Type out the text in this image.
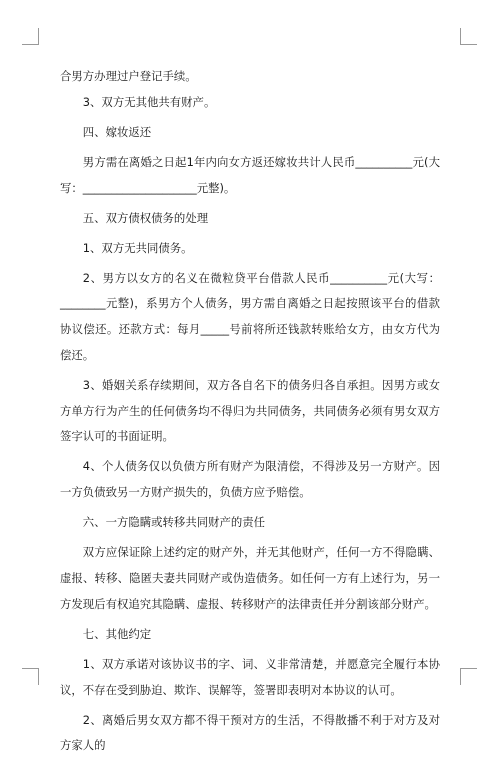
合男方办理过户登记手续。

3、双方无其他共有财产。

四、嫁妆返还

男方需在离婚之日起1年内向女方返还嫁妆共计人民币__________元(大写：____________________元整)。

五、双方债权债务的处理

1、双方无共同债务。

2、男方以女方的名义在微粒贷平台借款人民币__________元(大写：________元整)，系男方个人债务，男方需自离婚之日起按照该平台的借款协议偿还。还款方式：每月_____号前将所还钱款转账给女方，由女方代为偿还。

3、婚姻关系存续期间，双方各自名下的债务归各自承担。因男方或女方单方行为产生的任何债务均不得归为共同债务，共同债务必须有男女双方签字认可的书面证明。

4、个人债务仅以负债方所有财产为限清偿，不得涉及另一方财产。因一方负债致另一方财产损失的，负债方应予赔偿。

六、一方隐瞒或转移共同财产的责任

双方应保证除上述约定的财产外，并无其他财产，任何一方不得隐瞒、虚报、转移、隐匿夫妻共同财产或伪造债务。如任何一方有上述行为，另一方发现后有权追究其隐瞒、虚报、转移财产的法律责任并分割该部分财产。

七、其他约定

1、双方承诺对该协议书的字、词、义非常清楚，并愿意完全履行本协议，不存在受到胁迫、欺诈、误解等，签署即表明对本协议的认可。

2、离婚后男女双方都不得干预对方的生活，不得散播不利于对方及对方家人的
